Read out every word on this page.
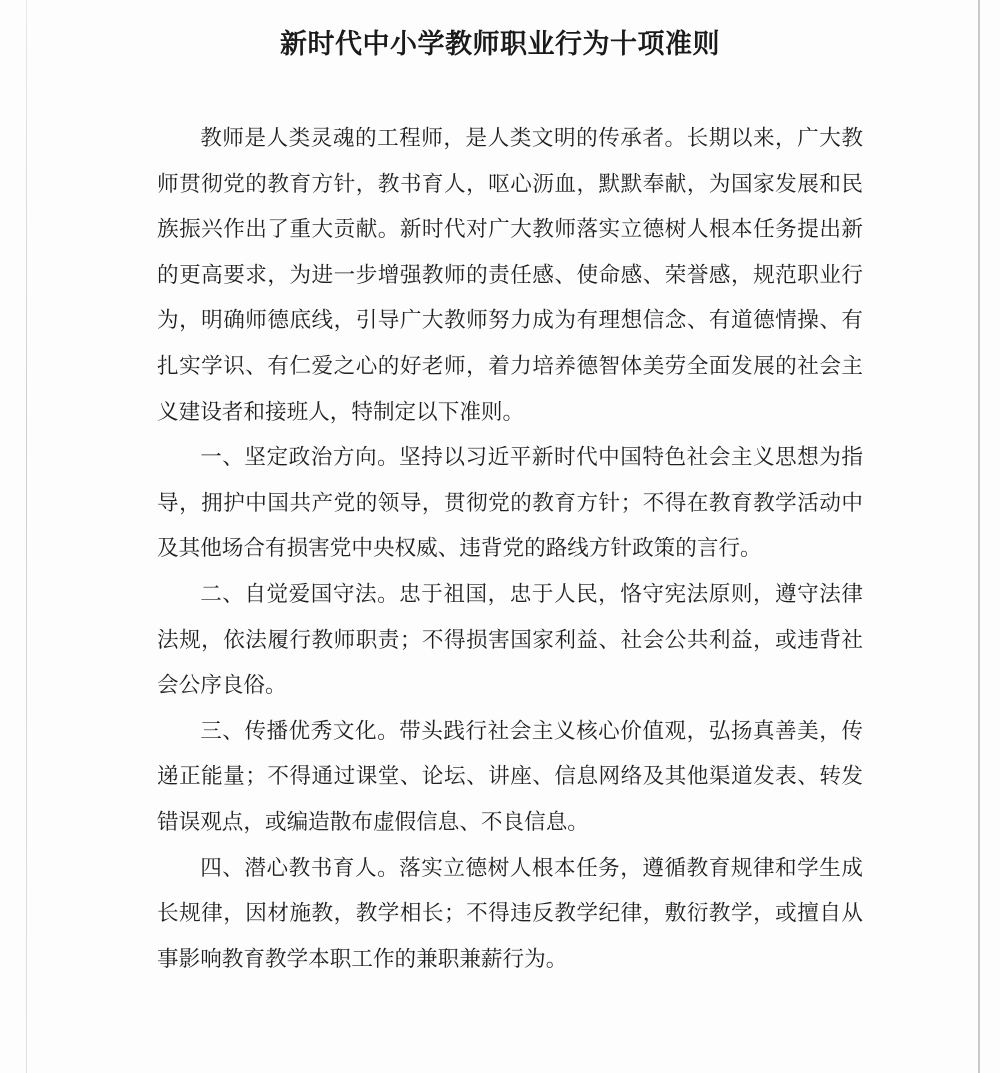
新时代中小学教师职业行为十项准则

教师是人类灵魂的工程师，是人类文明的传承者。长期以来，广大教师贯彻党的教育方针，教书育人，呕心沥血，默默奉献，为国家发展和民族振兴作出了重大贡献。新时代对广大教师落实立德树人根本任务提出新的更高要求，为进一步增强教师的责任感、使命感、荣誉感，规范职业行为，明确师德底线，引导广大教师努力成为有理想信念、有道德情操、有扎实学识、有仁爱之心的好老师，着力培养德智体美劳全面发展的社会主义建设者和接班人，特制定以下准则。

一、坚定政治方向。坚持以习近平新时代中国特色社会主义思想为指导，拥护中国共产党的领导，贯彻党的教育方针；不得在教育教学活动中及其他场合有损害党中央权威、违背党的路线方针政策的言行。

二、自觉爱国守法。忠于祖国，忠于人民，恪守宪法原则，遵守法律法规，依法履行教师职责；不得损害国家利益、社会公共利益，或违背社会公序良俗。

三、传播优秀文化。带头践行社会主义核心价值观，弘扬真善美，传递正能量；不得通过课堂、论坛、讲座、信息网络及其他渠道发表、转发错误观点，或编造散布虚假信息、不良信息。

四、潜心教书育人。落实立德树人根本任务，遵循教育规律和学生成长规律，因材施教，教学相长；不得违反教学纪律，敷衍教学，或擅自从事影响教育教学本职工作的兼职兼薪行为。
